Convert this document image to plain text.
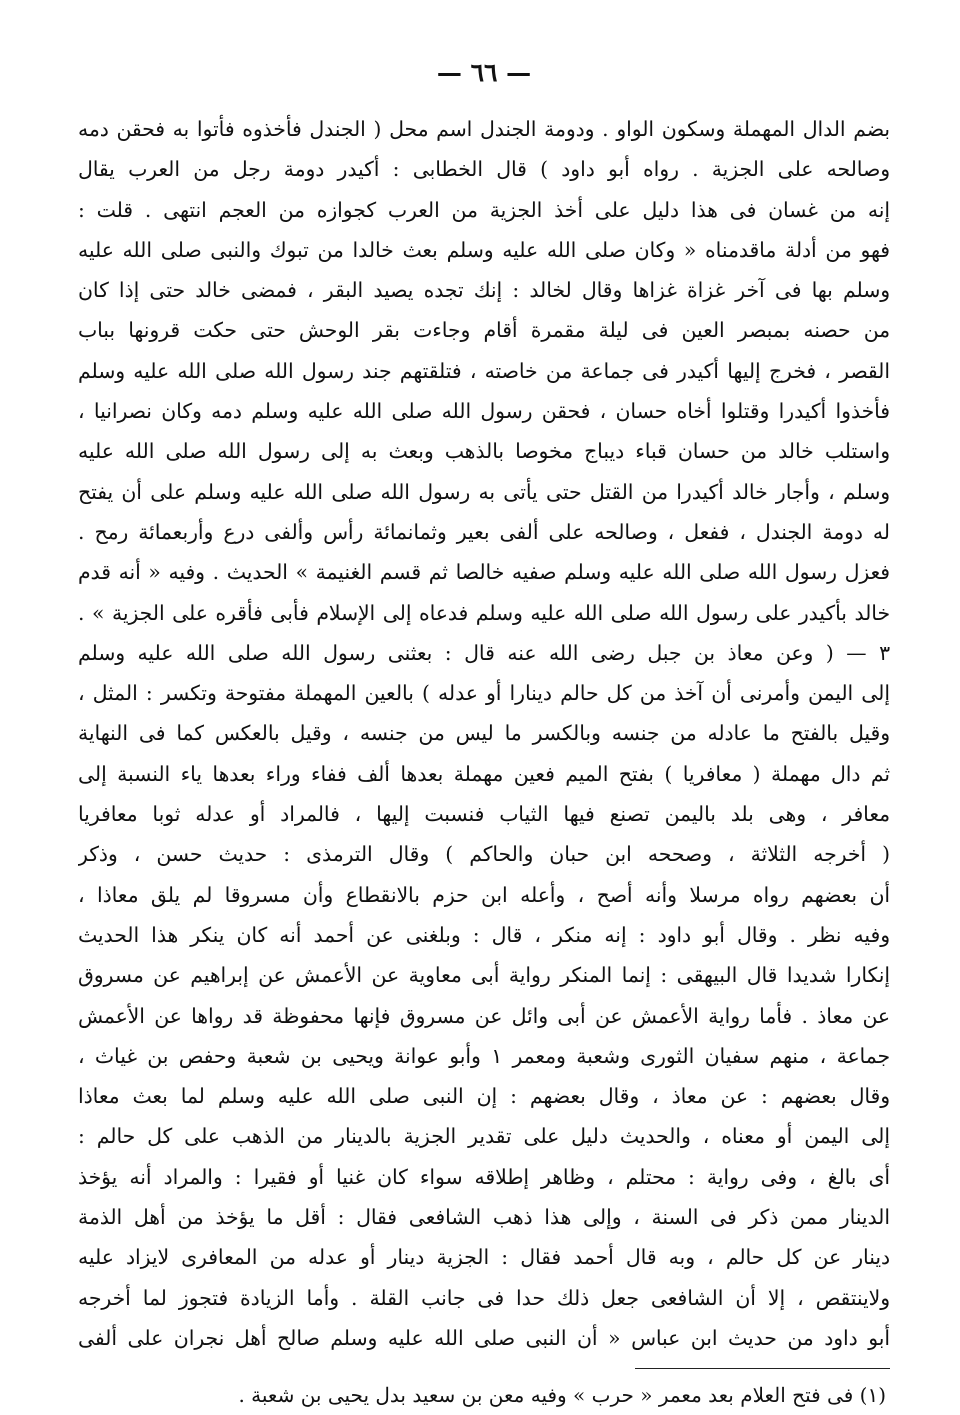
— ٦٦ —
بضم الدال المهملة وسكون الواو . ودومة الجندل اسم محل ( الجندل فأخذوه فأتوا به فحقن دمه
وصالحه على الجزية . رواه أبو داود ) قال الخطابى : أكيدر دومة رجل من العرب يقال
إنه من غسان فى هذا دليل على أخذ الجزية من العرب كجوازه من العجم انتهى . قلت :
فهو من أدلة ماقدمناه « وكان صلى الله عليه وسلم بعث خالدا من تبوك والنبى صلى الله عليه
وسلم بها فى آخر غزاة غزاها وقال لخالد : إنك تجده يصيد البقر ، فمضى خالد حتى إذا كان
من حصنه بمبصر العين فى ليلة مقمرة أقام وجاءت بقر الوحش حتى حكت قرونها بباب
القصر ، فخرج إليها أكيدر فى جماعة من خاصته ، فتلقتهم جند رسول الله صلى الله عليه وسلم
فأخذوا أكيدرا وقتلوا أخاه حسان ، فحقن رسول الله صلى الله عليه وسلم دمه وكان نصرانيا ،
واستلب خالد من حسان قباء ديباج مخوصا بالذهب وبعث به إلى رسول الله صلى الله عليه
وسلم ، وأجار خالد أكيدرا من القتل حتى يأتى به رسول الله صلى الله عليه وسلم على أن يفتح
له دومة الجندل ، ففعل ، وصالحه على ألفى بعير وثمانمائة رأس وألفى درع وأربعمائة رمح .
فعزل رسول الله صلى الله عليه وسلم صفيه خالصا ثم قسم الغنيمة » الحديث . وفيه « أنه قدم
خالد بأكيدر على رسول الله صلى الله عليه وسلم فدعاه إلى الإسلام فأبى فأقره على الجزية » .
٣ — ( وعن معاذ بن جبل رضى الله عنه قال : بعثنى رسول الله صلى الله عليه وسلم
إلى اليمن وأمرنى أن آخذ من كل حالم دينارا أو عدله ) بالعين المهملة مفتوحة وتكسر : المثل ،
وقيل بالفتح ما عادله من جنسه وبالكسر ما ليس من جنسه ، وقيل بالعكس كما فى النهاية
ثم دال مهملة ( معافريا ) بفتح الميم فعين مهملة بعدها ألف ففاء وراء بعدها ياء النسبة إلى
معافر ، وهى بلد باليمن تصنع فيها الثياب فنسبت إليها ، فالمراد أو عدله ثوبا معافريا
( أخرجه الثلاثة ، وصححه ابن حبان والحاكم ) وقال الترمذى : حديث حسن ، وذكر
أن بعضهم رواه مرسلا وأنه أصح ، وأعله ابن حزم بالانقطاع وأن مسروقا لم يلق معاذا ،
وفيه نظر . وقال أبو داود : إنه منكر ، قال : وبلغنى عن أحمد أنه كان ينكر هذا الحديث
إنكارا شديدا قال البيهقى : إنما المنكر رواية أبى معاوية عن الأعمش عن إبراهيم عن مسروق
عن معاذ . فأما رواية الأعمش عن أبى وائل عن مسروق فإنها محفوظة قد رواها عن الأعمش
جماعة ، منهم سفيان الثورى وشعبة ومعمر ١ وأبو عوانة ويحيى بن شعبة وحفص بن غياث ،
وقال بعضهم : عن معاذ ، وقال بعضهم : إن النبى صلى الله عليه وسلم لما بعث معاذا
إلى اليمن أو معناه ، والحديث دليل على تقدير الجزية بالدينار من الذهب على كل حالم :
أى بالغ ، وفى رواية : محتلم ، وظاهر إطلاقه سواء كان غنيا أو فقيرا : والمراد أنه يؤخذ
الدينار ممن ذكر فى السنة ، وإلى هذا ذهب الشافعى فقال : أقل ما يؤخذ من أهل الذمة
دينار عن كل حالم ، وبه قال أحمد فقال : الجزية دينار أو عدله من المعافرى لايزاد عليه
ولاينتقص ، إلا أن الشافعى جعل ذلك حدا فى جانب القلة . وأما الزيادة فتجوز لما أخرجه
أبو داود من حديث ابن عباس « أن النبى صلى الله عليه وسلم صالح أهل نجران على ألفى
(١) فى فتح العلام بعد معمر « حرب » وفيه معن بن سعيد بدل يحيى بن شعبة .
